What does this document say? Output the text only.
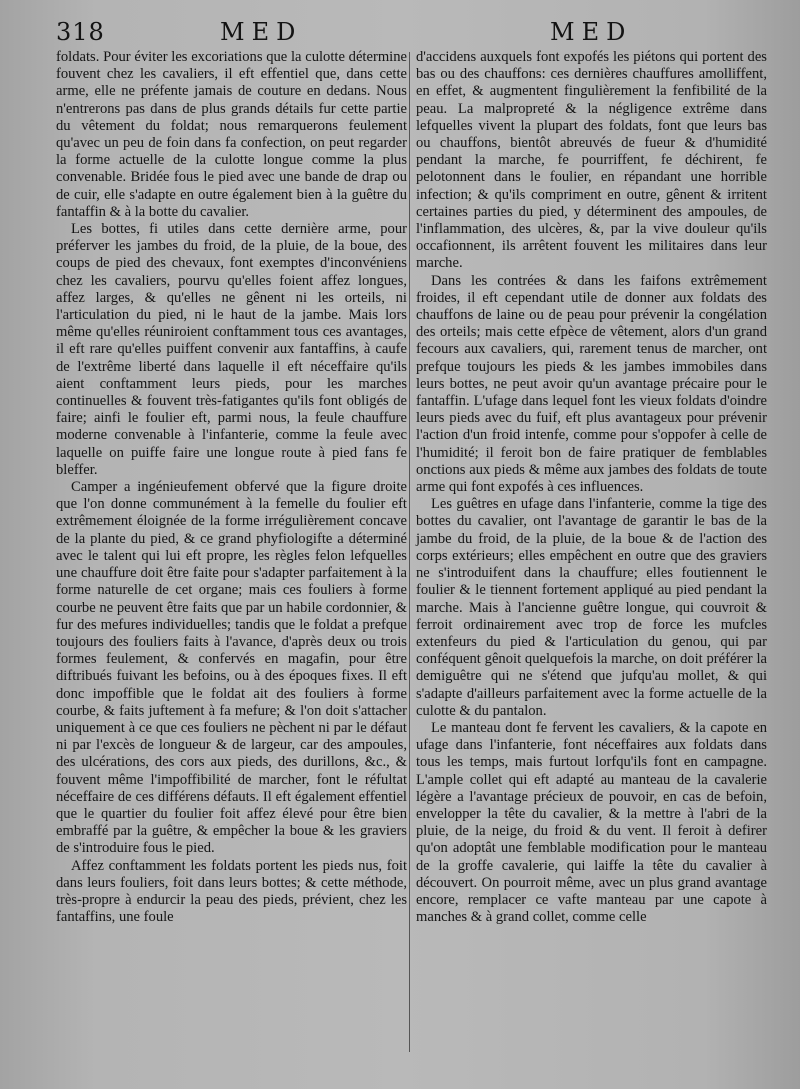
318	MED	MED

foldats. Pour éviter les excoriations que la culotte détermine fouvent chez les cavaliers, il eft effentiel que, dans cette arme, elle ne préfente jamais de couture en dedans. Nous n'entrerons pas dans de plus grands détails fur cette partie du vêtement du foldat; nous remarquerons feulement qu'avec un peu de foin dans fa confection, on peut regarder la forme actuelle de la culotte longue comme la plus convenable. Bridée fous le pied avec une bande de drap ou de cuir, elle s'adapte en outre également bien à la guêtre du fantaffin & à la botte du cavalier.

Les bottes, fi utiles dans cette dernière arme, pour préferver les jambes du froid, de la pluie, de la boue, des coups de pied des chevaux, font exemptes d'inconvéniens chez les cavaliers, pourvu qu'elles foient affez longues, affez larges, & qu'elles ne gênent ni les orteils, ni l'articulation du pied, ni le haut de la jambe. Mais lors même qu'elles réuniroient conftamment tous ces avantages, il eft rare qu'elles puiffent convenir aux fantaffins, à caufe de l'extrême liberté dans laquelle il eft néceffaire qu'ils aient conftamment leurs pieds, pour les marches continuelles & fouvent très-fatigantes qu'ils font obligés de faire; ainfi le foulier eft, parmi nous, la feule chauffure moderne convenable à l'infanterie, comme la feule avec laquelle on puiffe faire une longue route à pied fans fe bleffer.

Camper a ingénieufement obfervé que la figure droite que l'on donne communément à la femelle du foulier eft extrêmement éloignée de la forme irrégulièrement concave de la plante du pied, & ce grand phyfiologifte a déterminé avec le talent qui lui eft propre, les règles felon lefquelles une chauffure doit être faite pour s'adapter parfaitement à la forme naturelle de cet organe; mais ces fouliers à forme courbe ne peuvent être faits que par un habile cordonnier, & fur des mefures individuelles; tandis que le foldat a prefque toujours des fouliers faits à l'avance, d'après deux ou trois formes feulement, & confervés en magafin, pour être diftribués fuivant les befoins, ou à des époques fixes. Il eft donc impoffible que le foldat ait des fouliers à forme courbe, & faits juftement à fa mefure; & l'on doit s'attacher uniquement à ce que ces fouliers ne pèchent ni par le défaut ni par l'excès de longueur & de largeur, car des ampoules, des ulcérations, des cors aux pieds, des durillons, &c., & fouvent même l'impoffibilité de marcher, font le réfultat néceffaire de ces différens défauts. Il eft également effentiel que le quartier du foulier foit affez élevé pour être bien embraffé par la guêtre, & empêcher la boue & les graviers de s'introduire fous le pied.

Affez conftamment les foldats portent les pieds nus, foit dans leurs fouliers, foit dans leurs bottes; & cette méthode, très-propre à endurcir la peau des pieds, prévient, chez les fantaffins, une foule

d'accidens auxquels font expofés les piétons qui portent des bas ou des chauffons: ces dernières chauffures amolliffent, en effet, & augmentent fingulièrement la fenfibilité de la peau. La malpropreté & la négligence extrême dans lefquelles vivent la plupart des foldats, font que leurs bas ou chauffons, bientôt abreuvés de fueur & d'humidité pendant la marche, fe pourriffent, fe déchirent, fe pelotonnent dans le foulier, en répandant une horrible infection; & qu'ils compriment en outre, gênent & irritent certaines parties du pied, y déterminent des ampoules, de l'inflammation, des ulcères, &, par la vive douleur qu'ils occafionnent, ils arrêtent fouvent les militaires dans leur marche.

Dans les contrées & dans les faifons extrêmement froides, il eft cependant utile de donner aux foldats des chauffons de laine ou de peau pour prévenir la congélation des orteils; mais cette efpèce de vêtement, alors d'un grand fecours aux cavaliers, qui, rarement tenus de marcher, ont prefque toujours les pieds & les jambes immobiles dans leurs bottes, ne peut avoir qu'un avantage précaire pour le fantaffin. L'ufage dans lequel font les vieux foldats d'oindre leurs pieds avec du fuif, eft plus avantageux pour prévenir l'action d'un froid intenfe, comme pour s'oppofer à celle de l'humidité; il feroit bon de faire pratiquer de femblables onctions aux pieds & même aux jambes des foldats de toute arme qui font expofés à ces influences.

Les guêtres en ufage dans l'infanterie, comme la tige des bottes du cavalier, ont l'avantage de garantir le bas de la jambe du froid, de la pluie, de la boue & de l'action des corps extérieurs; elles empêchent en outre que des graviers ne s'introduifent dans la chauffure; elles foutiennent le foulier & le tiennent fortement appliqué au pied pendant la marche. Mais à l'ancienne guêtre longue, qui couvroit & ferroit ordinairement avec trop de force les mufcles extenfeurs du pied & l'articulation du genou, qui par conféquent gênoit quelquefois la marche, on doit préférer la demiguêtre qui ne s'étend que jufqu'au mollet, & qui s'adapte d'ailleurs parfaitement avec la forme actuelle de la culotte & du pantalon.

Le manteau dont fe fervent les cavaliers, & la capote en ufage dans l'infanterie, font néceffaires aux foldats dans tous les temps, mais furtout lorfqu'ils font en campagne. L'ample collet qui eft adapté au manteau de la cavalerie légère a l'avantage précieux de pouvoir, en cas de befoin, envelopper la tête du cavalier, & la mettre à l'abri de la pluie, de la neige, du froid & du vent. Il feroit à defirer qu'on adoptât une femblable modification pour le manteau de la groffe cavalerie, qui laiffe la tête du cavalier à découvert. On pourroit même, avec un plus grand avantage encore, remplacer ce vafte manteau par une capote à manches & à grand collet, comme celle
